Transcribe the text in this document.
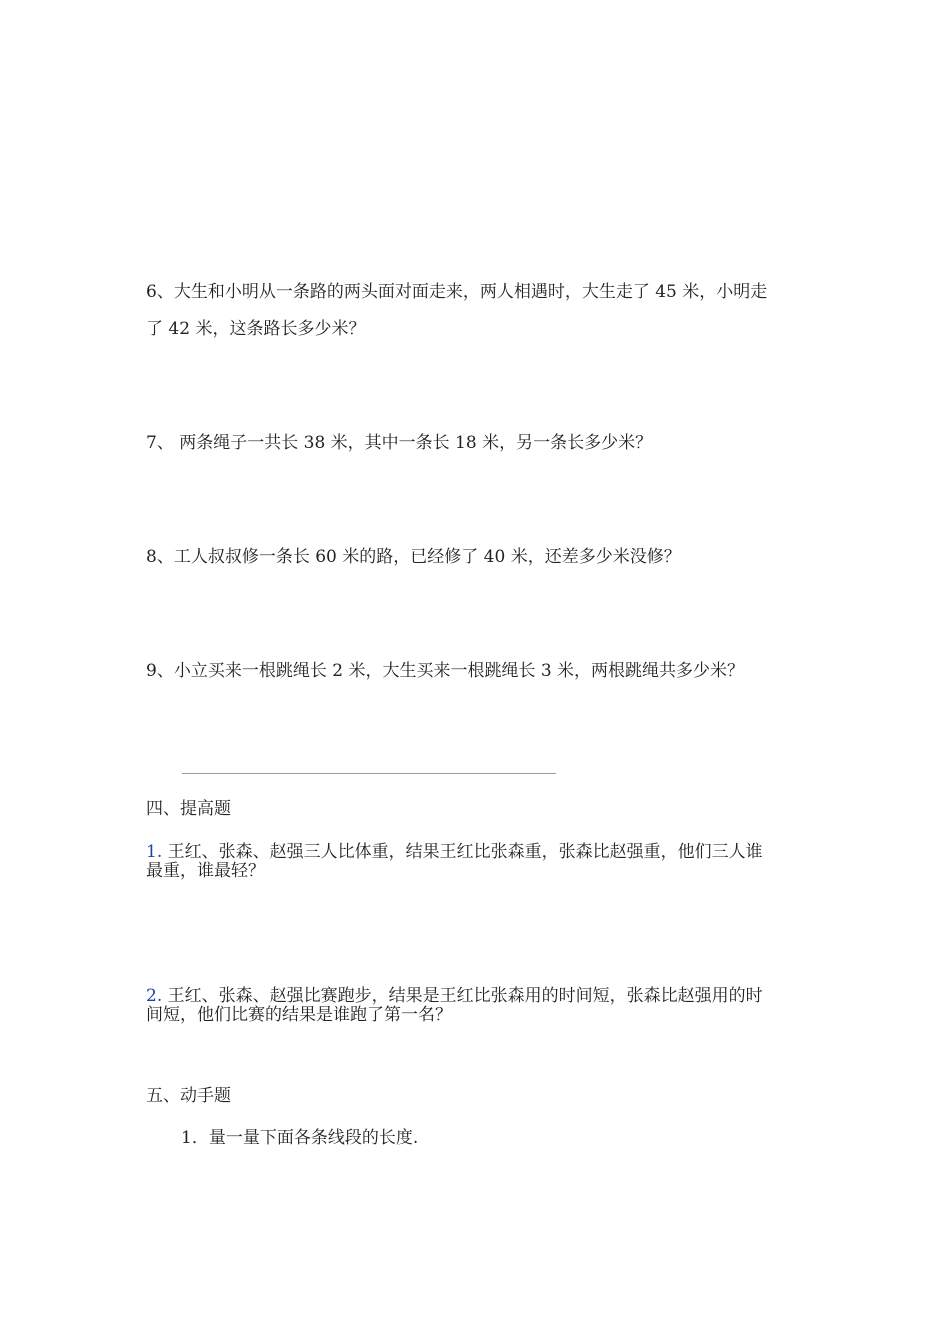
6、大生和小明从一条路的两头面对面走来，两人相遇时，大生走了 45 米，小明走
了 42 米，这条路长多少米？
7、 两条绳子一共长 38 米，其中一条长 18 米，另一条长多少米？
8、工人叔叔修一条长 60 米的路，已经修了 40 米，还差多少米没修？
9、小立买来一根跳绳长 2 米，大生买来一根跳绳长 3 米，两根跳绳共多少米？
四、提高题
1. 王红、张森、赵强三人比体重，结果王红比张森重，张森比赵强重，他们三人谁
最重，谁最轻？
2. 王红、张森、赵强比赛跑步，结果是王红比张森用的时间短，张森比赵强用的时
间短，他们比赛的结果是谁跑了第一名？
五、动手题
1．量一量下面各条线段的长度.
